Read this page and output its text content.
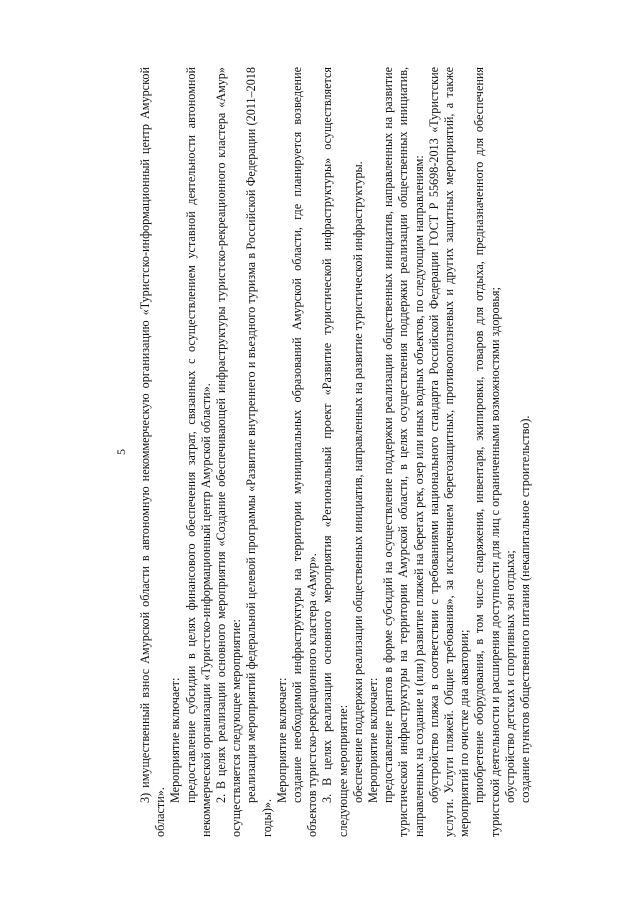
5 3) имущественный взнос Амурской области в автономную некоммерческую организацию «Туристско-информационный центр Амурской области».

Мероприятие включает: предоставление субсидии в целях финансового обеспечения затрат, связанных с осуществлением уставной деятельности автономной некоммерческой организации «Туристско-информационный центр Амурской области». 2. В целях реализации основного мероприятия «Создание обеспечивающей инфраструктуры туристско-рекреационного кластера «Амур» осуществляется следующее мероприятие: реализация мероприятий федеральной целевой программы «Развитие внутреннего и въездного туризма в Российской Федерации (2011–2018 годы)».

Мероприятие включает: создание необходимой инфраструктуры на территории муниципальных образований Амурской области, где планируется возведение объектов туристско-рекреационного кластера «Амур». 3. В целях реализации основного мероприятия «Региональный проект «Развитие туристической инфраструктуры» осуществляется следующее мероприятие: обеспечение поддержки реализации общественных инициатив, направленных на развитие туристической инфраструктуры. Мероприятие включает: предоставление грантов в форме субсидий на осуществление поддержки реализации общественных инициатив, направленных на развитие туристической инфраструктуры на территории Амурской области, в целях осуществления поддержки реализации общественных инициатив, направленных на создание и (или) развитие пляжей на берегах рек, озер или иных водных объектов, по следующим направлениям: обустройство пляжа в соответствии с требованиями национального стандарта Российской Федерации ГОСТ Р 55698-2013 «Туристские услуги. Услуги пляжей. Общие требования», за исключением берегозащитных, противооползневых и других защитных мероприятий, а также мероприятий по очистке дна акватории; приобретение оборудования, в том числе снаряжения, инвентаря, экипировки, товаров для отдыха, предназначенного для обеспечения туристской деятельности и расширения доступности для лиц с ограниченными возможностями здоровья; обустройство детских и спортивных зон отдыха; создание пунктов общественного питания (некапитальное строительство).
